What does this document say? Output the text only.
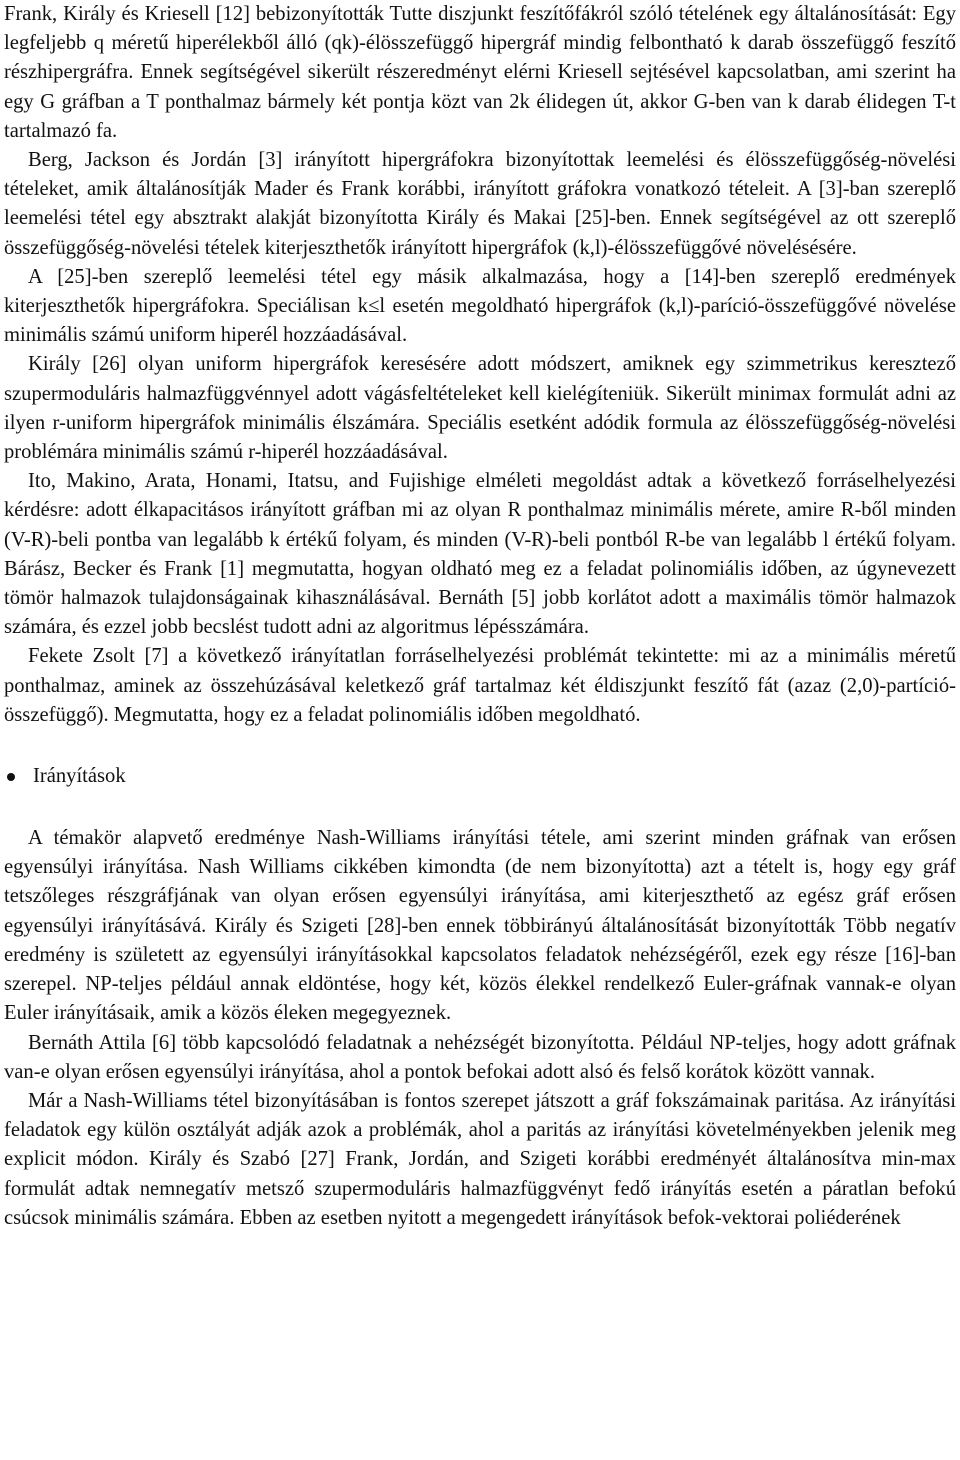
Frank, Király és Kriesell [12] bebizonyították Tutte diszjunkt feszítőfákról szóló tételének egy általánosítását: Egy legfeljebb q méretű hiperélekből álló (qk)-élösszefüggő hipergráf mindig felbontható k darab összefüggő feszítő részhipergráfra. Ennek segítségével sikerült részeredményt elérni Kriesell sejtésével kapcsolatban, ami szerint ha egy G gráfban a T ponthalmaz bármely két pontja közt van 2k élidegen út, akkor G-ben van k darab élidegen T-t tartalmazó fa.

Berg, Jackson és Jordán [3] irányított hipergráfokra bizonyítottak leemelési és élösszefüggőség-növelési tételeket, amik általánosítják Mader és Frank korábbi, irányított gráfokra vonatkozó tételeit. A [3]-ban szereplő leemelési tétel egy absztrakt alakját bizonyította Király és Makai [25]-ben. Ennek segítségével az ott szereplő összefüggőség-növelési tételek kiterjeszthetők irányított hipergráfok (k,l)-élösszefüggővé növelésésére.

A [25]-ben szereplő leemelési tétel egy másik alkalmazása, hogy a [14]-ben szereplő eredmények kiterjeszthetők hipergráfokra. Speciálisan k≤l esetén megoldható hipergráfok (k,l)-paríció-összefüggővé növelése minimális számú uniform hiperél hozzáadásával.

Király [26] olyan uniform hipergráfok keresésére adott módszert, amiknek egy szimmetrikus keresztező szupermoduláris halmazfüggvénnyel adott vágásfeltételeket kell kielégíteniük. Sikerült minimax formulát adni az ilyen r-uniform hipergráfok minimális élszámára. Speciális esetként adódik formula az élösszefüggőség-növelési problémára minimális számú r-hiperél hozzáadásával.

Ito, Makino, Arata, Honami, Itatsu, and Fujishige elméleti megoldást adtak a következő forráselhelyezési kérdésre: adott élkapacitásos irányított gráfban mi az olyan R ponthalmaz minimális mérete, amire R-ből minden (V-R)-beli pontba van legalább k értékű folyam, és minden (V-R)-beli pontból R-be van legalább l értékű folyam. Bárász, Becker és Frank [1] megmutatta, hogyan oldható meg ez a feladat polinomiális időben, az úgynevezett tömör halmazok tulajdonságainak kihasználásával. Bernáth [5] jobb korlátot adott a maximális tömör halmazok számára, és ezzel jobb becslést tudott adni az algoritmus lépésszámára.

Fekete Zsolt [7] a következő irányítatlan forráselhelyezési problémát tekintette: mi az a minimális méretű ponthalmaz, aminek az összehúzásával keletkező gráf tartalmaz két éldiszjunkt feszítő fát (azaz (2,0)-partíció-összefüggő). Megmutatta, hogy ez a feladat polinomiális időben megoldható.

Irányítások

A témakör alapvető eredménye Nash-Williams irányítási tétele, ami szerint minden gráfnak van erősen egyensúlyi irányítása. Nash Williams cikkében kimondta (de nem bizonyította) azt a tételt is, hogy egy gráf tetszőleges részgráfjának van olyan erősen egyensúlyi irányítása, ami kiterjeszthető az egész gráf erősen egyensúlyi irányításává. Király és Szigeti [28]-ben ennek többirányú általánosítását bizonyították Több negatív eredmény is született az egyensúlyi irányításokkal kapcsolatos feladatok nehézségéről, ezek egy része [16]-ban szerepel. NP-teljes például annak eldöntése, hogy két, közös élekkel rendelkező Euler-gráfnak vannak-e olyan Euler irányításaik, amik a közös éleken megegyeznek.

Bernáth Attila [6] több kapcsolódó feladatnak a nehézségét bizonyította. Például NP-teljes, hogy adott gráfnak van-e olyan erősen egyensúlyi irányítása, ahol a pontok befokai adott alsó és felső korátok között vannak.

Már a Nash-Williams tétel bizonyításában is fontos szerepet játszott a gráf fokszámainak paritása. Az irányítási feladatok egy külön osztályát adják azok a problémák, ahol a paritás az irányítási követelményekben jelenik meg explicit módon. Király és Szabó [27] Frank, Jordán, and Szigeti korábbi eredményét általánosítva min-max formulát adtak nemnegatív metsző szupermoduláris halmazfüggvényt fedő irányítás esetén a páratlan befokú csúcsok minimális számára. Ebben az esetben nyitott a megengedett irányítások befok-vektorai poliéderének
